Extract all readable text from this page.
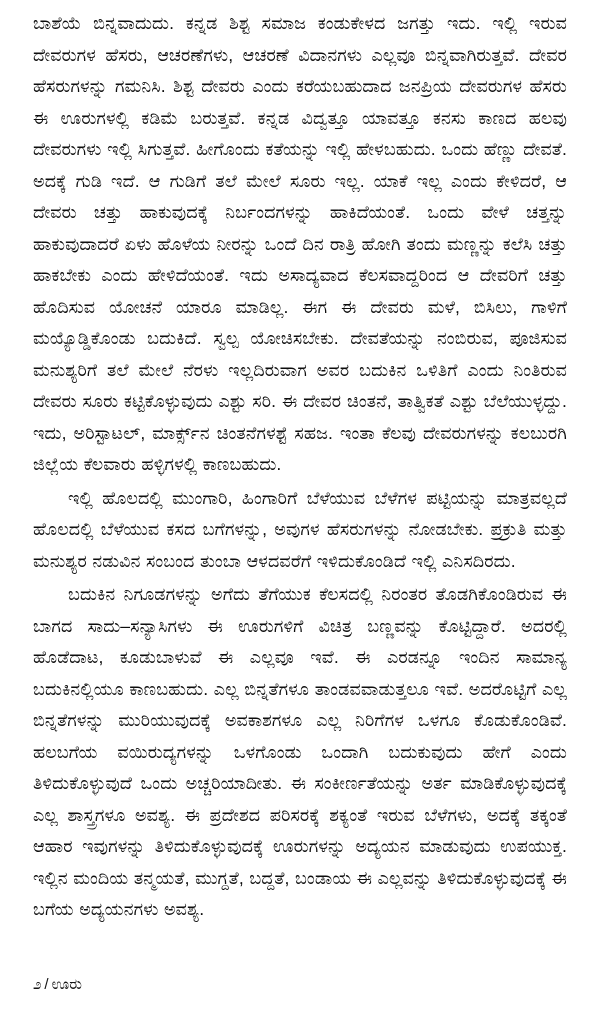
ಬಾಶೆಯೆ ಬಿನ್ನವಾದುದು. ಕನ್ನಡ ಶಿಶ್ಟ ಸಮಾಜ ಕಂಡುಕೇಳದ ಜಗತ್ತು ಇದು. ಇಲ್ಲಿ ಇರುವ ದೇವರುಗಳ ಹೆಸರು, ಆಚರಣೆಗಳು, ಆಚರಣೆ ವಿದಾನಗಳು ಎಲ್ಲವೂ ಬಿನ್ನವಾಗಿರುತ್ತವೆ. ದೇವರ ಹೆಸರುಗಳನ್ನು ಗಮನಿಸಿ. ಶಿಶ್ಟ ದೇವರು ಎಂದು ಕರೆಯಬಹುದಾದ ಜನಪ್ರಿಯ ದೇವರುಗಳ ಹೆಸರು ಈ ಊರುಗಳಲ್ಲಿ ಕಡಿಮೆ ಬರುತ್ತವೆ. ಕನ್ನಡ ವಿದ್ವತ್ತೂ ಯಾವತ್ತೂ ಕನಸು ಕಾಣದ ಹಲವು ದೇವರುಗಳು ಇಲ್ಲಿ ಸಿಗುತ್ತವೆ. ಹೀಗೊಂದು ಕತೆಯನ್ನು ಇಲ್ಲಿ ಹೇಳಬಹುದು. ಒಂದು ಹೆಣ್ಣು ದೇವತೆ. ಅದಕ್ಕೆ ಗುಡಿ ಇದೆ. ಆ ಗುಡಿಗೆ ತಲೆ ಮೇಲೆ ಸೂರು ಇಲ್ಲ. ಯಾಕೆ ಇಲ್ಲ ಎಂದು ಕೇಳಿದರೆ, ಆ ದೇವರು ಚತ್ತು ಹಾಕುವುದಕ್ಕೆ ನಿರ್ಬಂದಗಳನ್ನು ಹಾಕಿದೆಯಂತೆ. ಒಂದು ವೇಳೆ ಚತ್ತನ್ನು ಹಾಕುವುದಾದರೆ ಏಳು ಹೊಳೆಯ ನೀರನ್ನು ಒಂದೆ ದಿನ ರಾತ್ರಿ ಹೋಗಿ ತಂದು ಮಣ್ಣನ್ನು ಕಲೆಸಿ ಚತ್ತು ಹಾಕಬೇಕು ಎಂದು ಹೇಳಿದೆಯಂತೆ. ಇದು ಅಸಾದ್ಯವಾದ ಕೆಲಸವಾದ್ದರಿಂದ ಆ ದೇವರಿಗೆ ಚತ್ತು ಹೊದಿಸುವ ಯೋಚನೆ ಯಾರೂ ಮಾಡಿಲ್ಲ. ಈಗ ಈ ದೇವರು ಮಳೆ, ಬಿಸಿಲು, ಗಾಳಿಗೆ ಮಯ್ಯೊಡ್ಡಿಕೊಂಡು ಬದುಕಿದೆ. ಸ್ವಲ್ಪ ಯೋಚಿಸಬೇಕು. ದೇವತೆಯನ್ನು ನಂಬಿರುವ, ಪೂಜಿಸುವ ಮನುಶ್ಯರಿಗೆ ತಲೆ ಮೇಲೆ ನೆರಳು ಇಲ್ಲದಿರುವಾಗ ಅವರ ಬದುಕಿನ ಒಳಿತಿಗೆ ಎಂದು ನಿಂತಿರುವ ದೇವರು ಸೂರು ಕಟ್ಟಿಕೊಳ್ಳುವುದು ಎಶ್ಟು ಸರಿ. ಈ ದೇವರ ಚಿಂತನೆ, ತಾತ್ವಿಕತೆ ಎಶ್ಟು ಬೆಲೆಯುಳ್ಳದ್ದು. ಇದು, ಅರಿಸ್ಟಾಟಲ್, ಮಾರ್ಕ್ಸ್‌ನ ಚಿಂತನೆಗಳಶ್ಟೆ ಸಹಜ. ಇಂತಾ ಕೆಲವು ದೇವರುಗಳನ್ನು ಕಲಬುರಗಿ ಜಿಲ್ಲೆಯ ಕೆಲವಾರು ಹಳ್ಳಿಗಳಲ್ಲಿ ಕಾಣಬಹುದು.

ಇಲ್ಲಿ ಹೊಲದಲ್ಲಿ ಮುಂಗಾರಿ, ಹಿಂಗಾರಿಗೆ ಬೆಳೆಯುವ ಬೆಳೆಗಳ ಪಟ್ಟಿಯನ್ನು ಮಾತ್ರವಲ್ಲದೆ ಹೊಲದಲ್ಲಿ ಬೆಳೆಯುವ ಕಸದ ಬಗೆಗಳನ್ನು, ಅವುಗಳ ಹೆಸರುಗಳನ್ನು ನೋಡಬೇಕು. ಪ್ರಕ್ರುತಿ ಮತ್ತು ಮನುಶ್ಯರ ನಡುವಿನ ಸಂಬಂದ ತುಂಬಾ ಆಳದವರೆಗೆ ಇಳಿದುಕೊಂಡಿದೆ ಇಲ್ಲಿ ಎನಿಸದಿರದು.

ಬದುಕಿನ ನಿಗೂಡಗಳನ್ನು ಅಗೆದು ತೆಗೆಯುಕ ಕೆಲಸದಲ್ಲಿ ನಿರಂತರ ತೊಡಗಿಕೊಂಡಿರುವ ಈ ಬಾಗದ ಸಾದು–ಸನ್ಯಾಸಿಗಳು ಈ ಊರುಗಳಿಗೆ ವಿಚಿತ್ರ ಬಣ್ಣವನ್ನು ಕೊಟ್ಟಿದ್ದಾರೆ. ಅದರಲ್ಲಿ ಹೊಡೆದಾಟ, ಕೂಡುಬಾಳುವೆ ಈ ಎಲ್ಲವೂ ಇವೆ. ಈ ಎರಡನ್ನೂ ಇಂದಿನ ಸಾಮಾನ್ಯ ಬದುಕಿನಲ್ಲಿಯೂ ಕಾಣಬಹುದು. ಎಲ್ಲ ಬಿನ್ನತೆಗಳೂ ತಾಂಡವವಾಡುತ್ತಲೂ ಇವೆ. ಅದರೊಟ್ಟಿಗೆ ಎಲ್ಲ ಬಿನ್ನತೆಗಳನ್ನು ಮುರಿಯುವುದಕ್ಕೆ ಅವಕಾಶಗಳೂ ಎಲ್ಲ ನಿರಿಗೆಗಳ ಒಳಗೂ ಕೊಡುಕೊಂಡಿವೆ. ಹಲಬಗೆಯ ವಯಿರುದ್ಯಗಳನ್ನು ಒಳಗೊಂಡು ಒಂದಾಗಿ ಬದುಕುವುದು ಹೇಗೆ ಎಂದು ತಿಳಿದುಕೊಳ್ಳುವುದೆ ಒಂದು ಅಚ್ಚರಿಯಾದೀತು. ಈ ಸಂಕೀರ್ಣತೆಯನ್ನು ಅರ್ತ ಮಾಡಿಕೊಳ್ಳುವುದಕ್ಕೆ ಎಲ್ಲ ಶಾಸ್ತ್ರಗಳೂ ಅವಶ್ಯ. ಈ ಪ್ರದೇಶದ ಪರಿಸರಕ್ಕೆ ಶಕ್ಯಂತೆ ಇರುವ ಬೆಳೆಗಳು, ಅದಕ್ಕೆ ತಕ್ಕಂತೆ ಆಹಾರ ಇವುಗಳನ್ನು ತಿಳಿದುಕೊಳ್ಳುವುದಕ್ಕೆ ಊರುಗಳನ್ನು ಅದ್ಯಯನ ಮಾಡುವುದು ಉಪಯುಕ್ತ. ಇಲ್ಲಿನ ಮಂದಿಯ ತನ್ಮಯತೆ, ಮುಗ್ದತೆ, ಬದ್ದತೆ, ಬಂಡಾಯ ಈ ಎಲ್ಲವನ್ನು ತಿಳಿದುಕೊಳ್ಳುವುದಕ್ಕೆ ಈ ಬಗೆಯ ಅದ್ಯಯನಗಳು ಅವಶ್ಯ.

೨ / ಊರು
